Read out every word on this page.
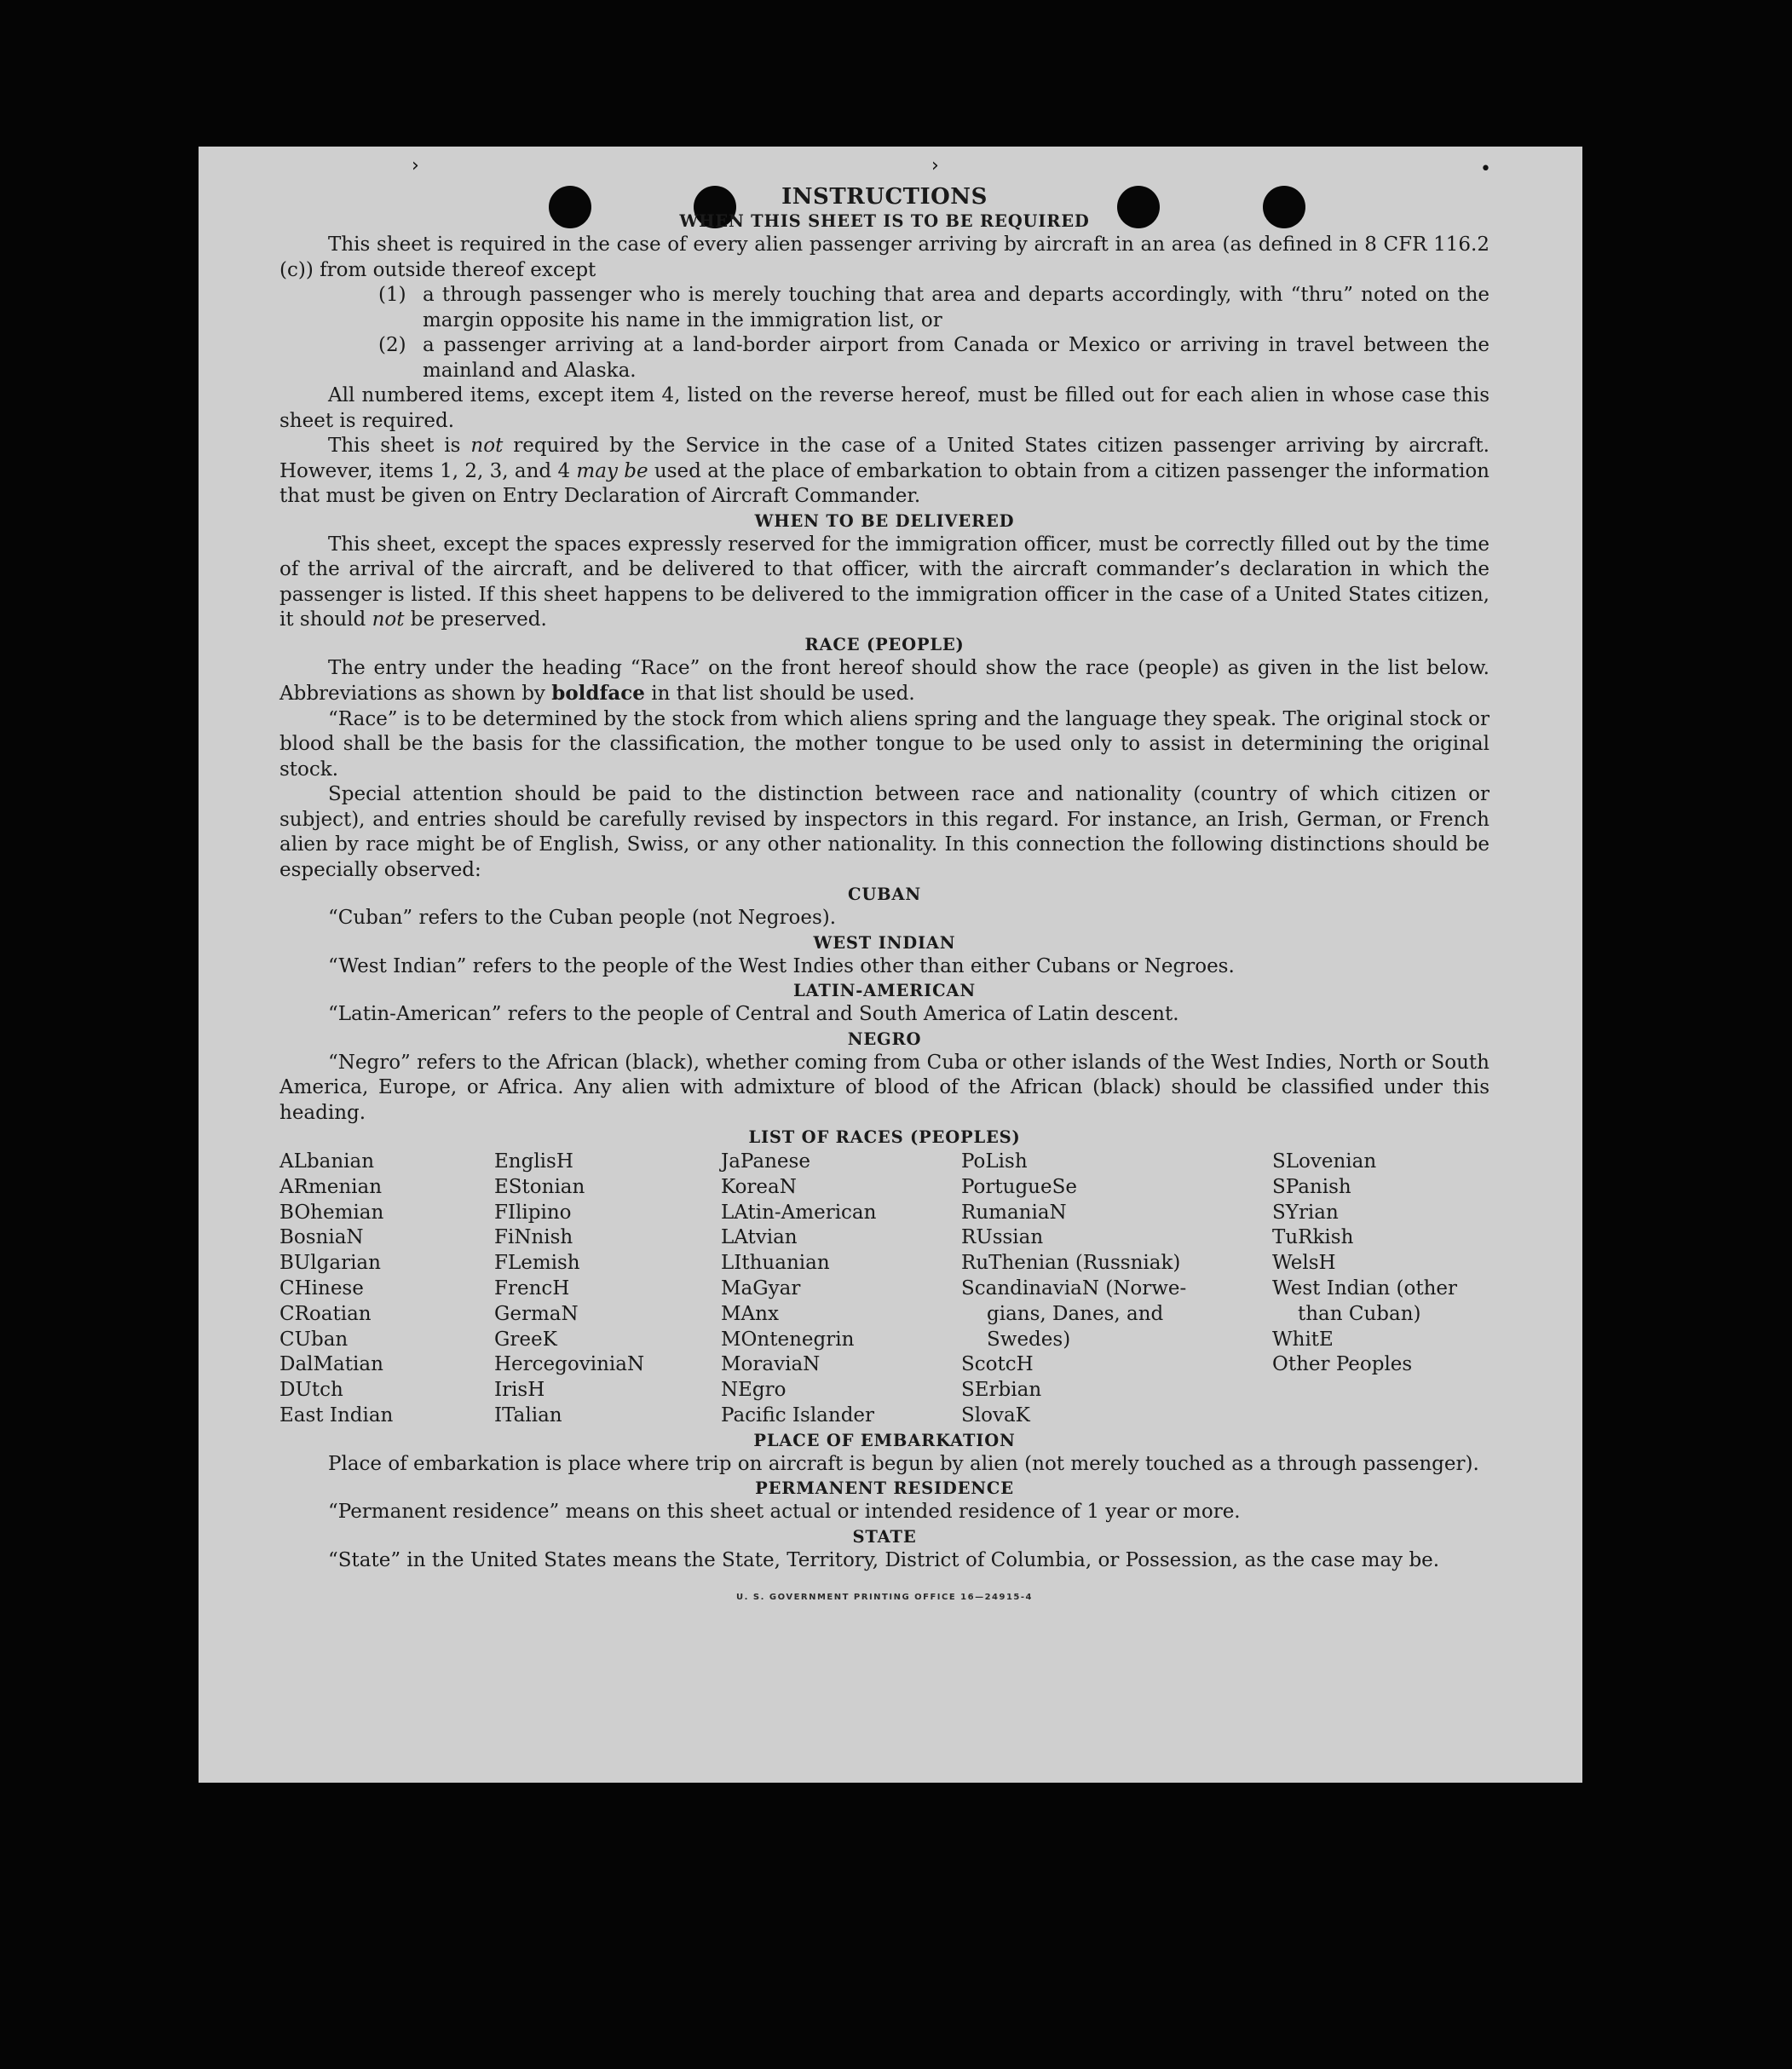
›	›	•
INSTRUCTIONS
WHEN THIS SHEET IS TO BE REQUIRED

This sheet is required in the case of every alien passenger arriving by aircraft in an area (as defined in 8 CFR 116.2 (c)) from outside thereof except

(1) a through passenger who is merely touching that area and departs accordingly, with “thru” noted on the margin opposite his name in the immigration list, or
(2) a passenger arriving at a land-border airport from Canada or Mexico or arriving in travel between the mainland and Alaska.

All numbered items, except item 4, listed on the reverse hereof, must be filled out for each alien in whose case this sheet is required.

This sheet is not required by the Service in the case of a United States citizen passenger arriving by aircraft. However, items 1, 2, 3, and 4 may be used at the place of embarkation to obtain from a citizen passenger the information that must be given on Entry Declaration of Aircraft Commander.

WHEN TO BE DELIVERED

This sheet, except the spaces expressly reserved for the immigration officer, must be correctly filled out by the time of the arrival of the aircraft, and be delivered to that officer, with the aircraft commander’s declaration in which the passenger is listed. If this sheet happens to be delivered to the immigration officer in the case of a United States citizen, it should not be preserved.

RACE (PEOPLE)

The entry under the heading “Race” on the front hereof should show the race (people) as given in the list below. Abbreviations as shown by boldface in that list should be used.

“Race” is to be determined by the stock from which aliens spring and the language they speak. The original stock or blood shall be the basis for the classification, the mother tongue to be used only to assist in determining the original stock.

Special attention should be paid to the distinction between race and nationality (country of which citizen or subject), and entries should be carefully revised by inspectors in this regard. For instance, an Irish, German, or French alien by race might be of English, Swiss, or any other nationality. In this connection the following distinctions should be especially observed:

CUBAN

“Cuban” refers to the Cuban people (not Negroes).

WEST INDIAN

“West Indian” refers to the people of the West Indies other than either Cubans or Negroes.

LATIN-AMERICAN

“Latin-American” refers to the people of Central and South America of Latin descent.

NEGRO

“Negro” refers to the African (black), whether coming from Cuba or other islands of the West Indies, North or South America, Europe, or Africa. Any alien with admixture of blood of the African (black) should be classified under this heading.

LIST OF RACES (PEOPLES)
ALbanian
ARmenian
BOhemian
BosniaN
BUlgarian
CHinese
CRoatian
CUban
DalMatian
DUtch
East Indian
EnglisH
EStonian
FIlipino
FiNnish
FLemish
FrencH
GermaN
GreeK
HercegoviniaN
IrisH
ITalian
JaPanese
KoreaN
LAtin-American
LAtvian
LIthuanian
MaGyar
MAnx
MOntenegrin
MoraviaN
NEgro
Pacific Islander
PoLish
PortugueSe
RumaniaN
RUssian
RuThenian (Russniak)
ScandinaviaN (Norwe-
gians, Danes, and
Swedes)
ScotcH
SErbian
SlovaK
SLovenian
SPanish
SYrian
TuRkish
WelsH
West Indian (other
than Cuban)
WhitE
Other Peoples
PLACE OF EMBARKATION

Place of embarkation is place where trip on aircraft is begun by alien (not merely touched as a through passenger).

PERMANENT RESIDENCE

“Permanent residence” means on this sheet actual or intended residence of 1 year or more.

STATE

“State” in the United States means the State, Territory, District of Columbia, or Possession, as the case may be.

U. S. GOVERNMENT PRINTING OFFICE 16—24915-4
